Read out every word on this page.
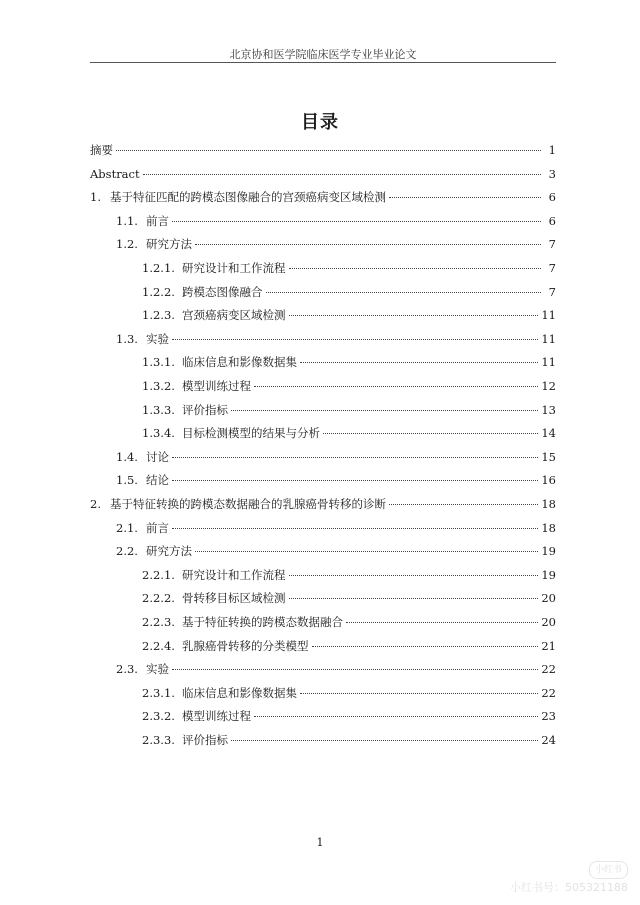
北京协和医学院临床医学专业毕业论文
目录
摘要	1
Abstract	3
1. 基于特征匹配的跨模态图像融合的宫颈癌病变区域检测	6
1.1. 前言	6
1.2. 研究方法	7
1.2.1. 研究设计和工作流程	7
1.2.2. 跨模态图像融合	7
1.2.3. 宫颈癌病变区域检测	11
1.3. 实验	11
1.3.1. 临床信息和影像数据集	11
1.3.2. 模型训练过程	12
1.3.3. 评价指标	13
1.3.4. 目标检测模型的结果与分析	14
1.4. 讨论	15
1.5. 结论	16
2. 基于特征转换的跨模态数据融合的乳腺癌骨转移的诊断	18
2.1. 前言	18
2.2. 研究方法	19
2.2.1. 研究设计和工作流程	19
2.2.2. 骨转移目标区域检测	20
2.2.3. 基于特征转换的跨模态数据融合	20
2.2.4. 乳腺癌骨转移的分类模型	21
2.3. 实验	22
2.3.1. 临床信息和影像数据集	22
2.3.2. 模型训练过程	23
2.3.3. 评价指标	24
1
小红书
小红书号：5053211​88
